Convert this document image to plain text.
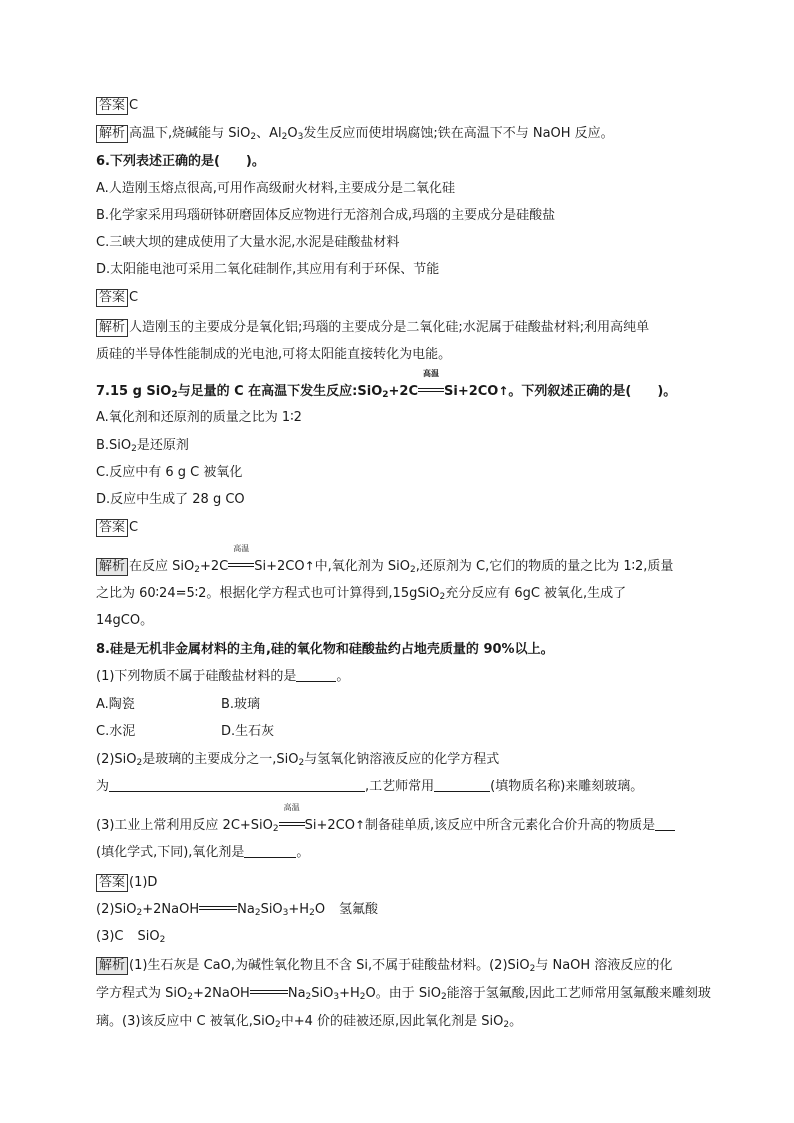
答案 C
解析 高温下,烧碱能与 SiO$_2$、$Al_2O_3$发生反应而使坩埚腐蚀;铁在高温下不与 NaOH 反应。
6.下列表述正确的是(　　)。
A.人造刚玉熔点很高,可用作高级耐火材料,主要成分是二氧化硅
B.化学家采用玛瑙研钵研磨固体反应物进行无溶剂合成,玛瑙的主要成分是硅酸盐
C.三峡大坝的建成使用了大量水泥,水泥是硅酸盐材料
D.太阳能电池可采用二氧化硅制作,其应用有利于环保、节能
答案 C
解析 人造刚玉的主要成分是氧化铝;玛瑙的主要成分是二氧化硅;水泥属于硅酸盐材料;利用高纯单
质硅的半导体性能制成的光电池,可将太阳能直接转化为电能。
7.15 g SiO$_2$与足量的 C 在高温下发生反应:SiO$_2$+2C
高温
Si+2CO↑。下列叙述正确的是(　　)。
A.氧化剂和还原剂的质量之比为 1∶2
B.SiO$_2$是还原剂
C.反应中有 6 g C 被氧化
D.反应中生成了 28 g CO
答案 C
解析 在反应 SiO$_2$+2C
高温
Si+2CO↑中,氧化剂为 SiO$_2$,还原剂为 C,它们的物质的量之比为 1∶2,质量
之比为 60∶24=5∶2。根据化学方程式也可计算得到,15gSiO$_2$充分反应有 6gC 被氧化,生成了
14gCO。
8.硅是无机非金属材料的主角,硅的氧化物和硅酸盐约占地壳质量的 90%以上。
(1)下列物质不属于硅酸盐材料的是	。
A.陶瓷	B.玻璃
C.水泥	D.生石灰
(2)SiO$_2$是玻璃的主要成分之一,SiO$_2$与氢氧化钠溶液反应的化学方程式
为	,工艺师常用	(填物质名称)来雕刻玻璃。
(3)工业上常利用反应 2C+SiO$_2$
高温
Si+2CO↑制备硅单质,该反应中所含元素化合价升高的物质是
(填化学式,下同),氧化剂是	。
答案 (1)D
(2)SiO$_2$+2NaOH	$Na_2SiO_3+H_2O$ 氢氟酸
(3)C SiO$_2$
解析 (1)生石灰是 CaO,为碱性氧化物且不含 Si,不属于硅酸盐材料。(2)SiO$_2$与 NaOH 溶液反应的化
学方程式为 SiO$_2$+2NaOH	$Na_2SiO_3+H_2O$。由于 SiO$_2$能溶于氢氟酸,因此工艺师常用氢氟酸来雕刻玻
璃。(3)该反应中 C 被氧化,SiO$_2$中+4 价的硅被还原,因此氧化剂是 SiO$_2$。
